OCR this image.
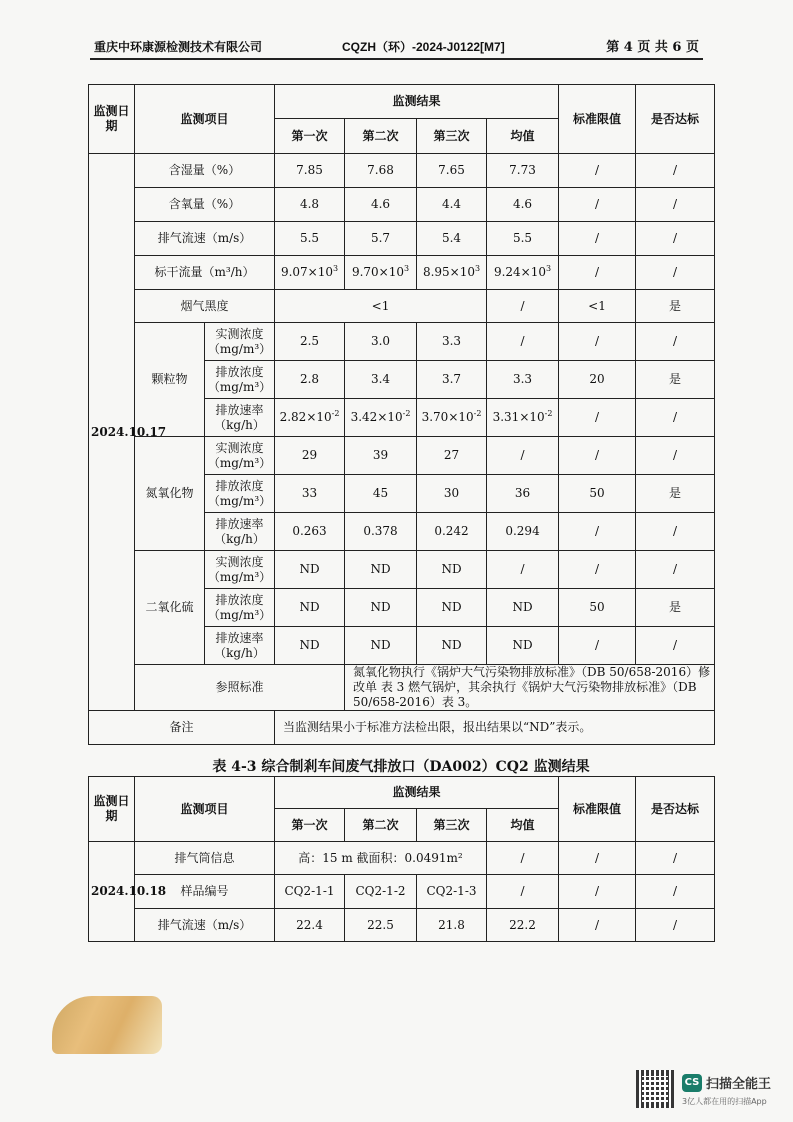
重庆中环康源检测技术有限公司	CQZH（环）-2024-J0122[M7]	第 4 页 共 6 页
监测日期	监测项目		监测结果				标准限值	是否达标
			第一次	第二次	第三次	均值		
2024.10.17	含湿量（%）		7.85	7.68	7.65	7.73	/	/
	含氧量（%）		4.8	4.6	4.4	4.6	/	/
	排气流速（m/s）		5.5	5.7	5.4	5.5	/	/
	标干流量（m³/h）		$9.07\times 10^3$	$9.70\times 10^3$	$8.95\times 10^3$	$9.24\times 10^3$	/	/
	烟气黑度		<1			/	<1	是
	颗粒物	实测浓度（mg/m³）	2.5	3.0	3.3	/	/	/
		排放浓度（mg/m³）	2.8	3.4	3.7	3.3	20	是
		排放速率（kg/h）	$2.82\times 10^{-2}$	$3.42\times 10^{-2}$	$3.70\times 10^{-2}$	$3.31\times 10^{-2}$	/	/
	氮氧化物	实测浓度（mg/m³）	29	39	27	/	/	/
		排放浓度（mg/m³）	33	45	30	36	50	是
		排放速率（kg/h）	0.263	0.378	0.242	0.294	/	/
	二氧化硫	实测浓度（mg/m³）	ND	ND	ND	/	/	/
		排放浓度（mg/m³）	ND	ND	ND	ND	50	是
		排放速率（kg/h）	ND	ND	ND	ND	/	/
	参照标准			氮氧化物执行《锅炉大气污染物排放标准》（DB 50/658-2016）修改单 表 3 燃气锅炉，其余执行《锅炉大气污染物排放标准》（DB 50/658-2016）表 3。				
备注			当监测结果小于标准方法检出限，报出结果以“ND”表示。					
表 4-3 综合制剎车间废气排放口（DA002）CQ2 监测结果
监测日期	监测项目	监测结果				标准限值	是否达标
		第一次	第二次	第三次	均值		
2024.10.18	排气筒信息	高：15 m 截面积：0.0491m²			/	/	/
	样品编号	CQ2-1-1	CQ2-1-2	CQ2-1-3	/	/	/
	排气流速（m/s）	22.4	22.5	21.8	22.2	/	/
CS 扫描全能王
3亿人都在用的扫描App
